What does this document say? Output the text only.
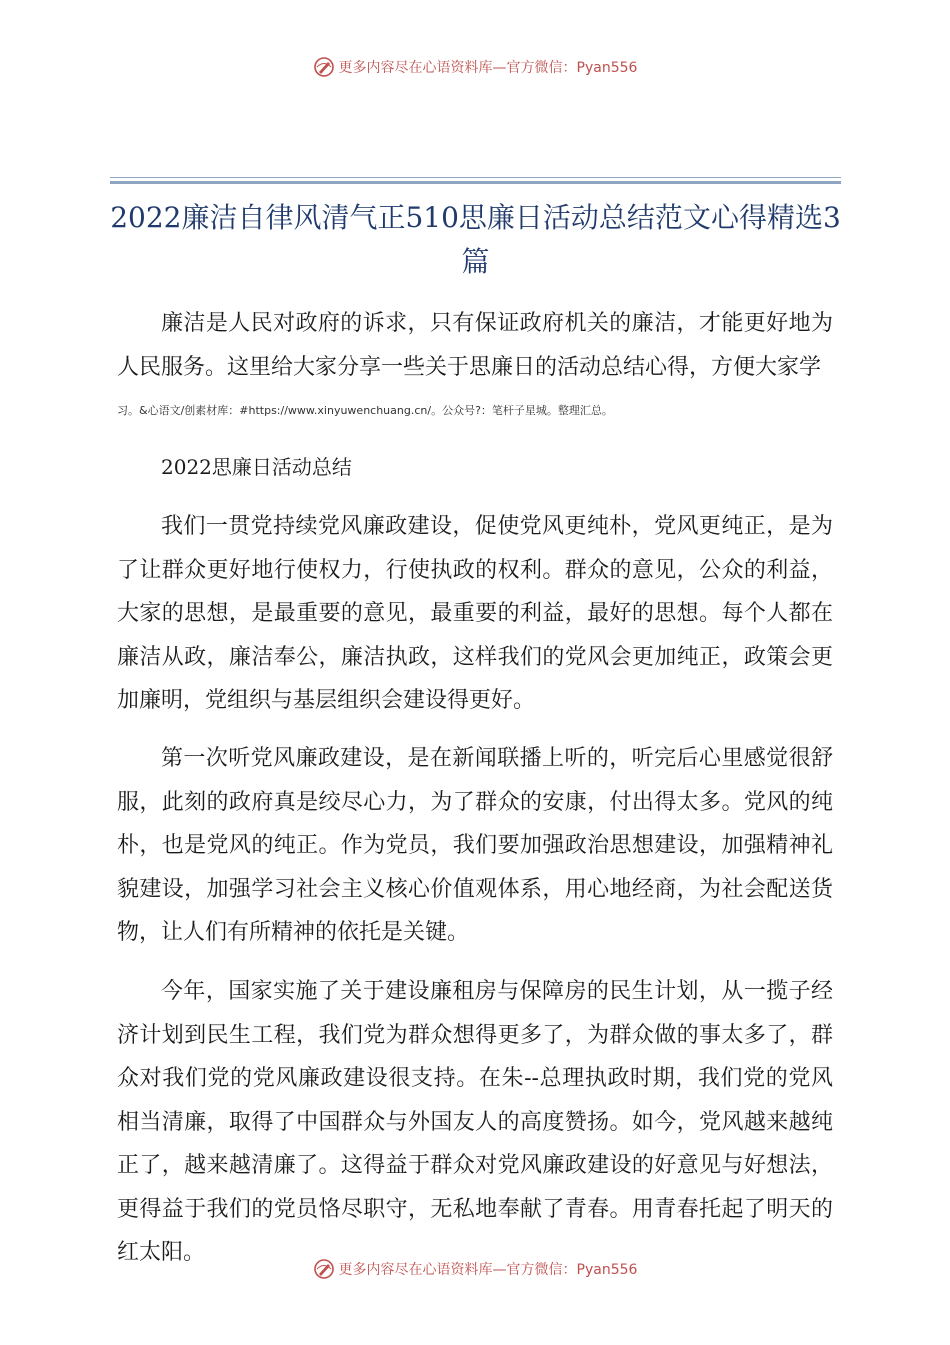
更多内容尽在心语资料库—官方微信：Pyan556
2022廉洁自律风清气正510思廉日活动总结范文心得精选3篇

廉洁是人民对政府的诉求，只有保证政府机关的廉洁，才能更好地为人民服务。这里给大家分享一些关于思廉日的活动总结心得，方便大家学

习。&心语文/创素材库：#https://www.xinyuwenchuang.cn/。公众号?：笔杆子星城。整理汇总。
2022思廉日活动总结

我们一贯党持续党风廉政建设，促使党风更纯朴，党风更纯正，是为了让群众更好地行使权力，行使执政的权利。群众的意见，公众的利益，大家的思想，是最重要的意见，最重要的利益，最好的思想。每个人都在廉洁从政，廉洁奉公，廉洁执政，这样我们的党风会更加纯正，政策会更加廉明，党组织与基层组织会建设得更好。

第一次听党风廉政建设，是在新闻联播上听的，听完后心里感觉很舒服，此刻的政府真是绞尽心力，为了群众的安康，付出得太多。党风的纯朴，也是党风的纯正。作为党员，我们要加强政治思想建设，加强精神礼貌建设，加强学习社会主义核心价值观体系，用心地经商，为社会配送货物，让人们有所精神的依托是关键。

今年，国家实施了关于建设廉租房与保障房的民生计划，从一揽子经济计划到民生工程，我们党为群众想得更多了，为群众做的事太多了，群众对我们党的党风廉政建设很支持。在朱--总理执政时期，我们党的党风相当清廉，取得了中国群众与外国友人的高度赞扬。如今，党风越来越纯正了，越来越清廉了。这得益于群众对党风廉政建设的好意见与好想法，更得益于我们的党员恪尽职守，无私地奉献了青春。用青春托起了明天的红太阳。

更多内容尽在心语资料库—官方微信：Pyan556
